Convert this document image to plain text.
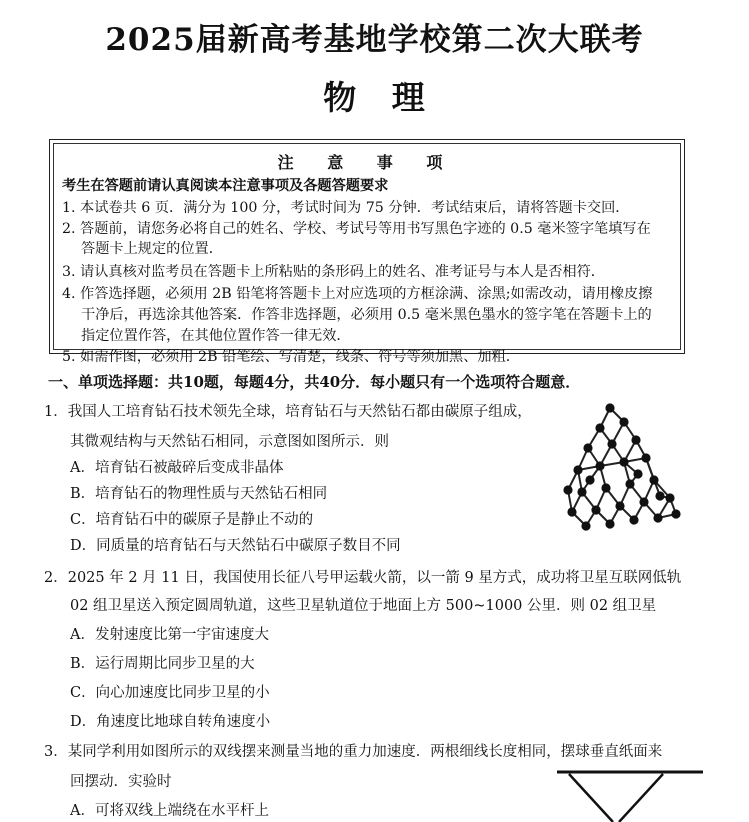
2025届新高考基地学校第二次大联考
物 理
注 意 事 项
考生在答题前请认真阅读本注意事项及各题答题要求
1. 本试卷共 6 页．满分为 100 分，考试时间为 75 分钟．考试结束后，请将答题卡交回．
2. 答题前，请您务必将自己的姓名、学校、考试号等用书写黑色字迹的 0.5 毫米签字笔填写在
答题卡上规定的位置．
3. 请认真核对监考员在答题卡上所粘贴的条形码上的姓名、准考证号与本人是否相符．
4. 作答选择题，必须用 2B 铅笔将答题卡上对应选项的方框涂满、涂黑;如需改动，请用橡皮擦
干净后，再选涂其他答案．作答非选择题，必须用 0.5 毫米黑色墨水的签字笔在答题卡上的
指定位置作答，在其他位置作答一律无效．
5. 如需作图，必须用 2B 铅笔绘、写清楚，线条、符号等须加黑、加粗．
一、单项选择题：共10题，每题4分，共40分．每小题只有一个选项符合题意．
1．我国人工培育钻石技术领先全球，培育钻石与天然钻石都由碳原子组成，
其微观结构与天然钻石相同，示意图如图所示．则
A．培育钻石被敲碎后变成非晶体
B．培育钻石的物理性质与天然钻石相同
C．培育钻石中的碳原子是静止不动的
D．同质量的培育钻石与天然钻石中碳原子数目不同
2．2025 年 2 月 11 日，我国使用长征八号甲运载火箭，以一箭 9 星方式，成功将卫星互联网低轨
02 组卫星送入预定圆周轨道，这些卫星轨道位于地面上方 500~1000 公里．则 02 组卫星
A．发射速度比第一宇宙速度大
B．运行周期比同步卫星的大
C．向心加速度比同步卫星的小
D．角速度比地球自转角速度小
3．某同学利用如图所示的双线摆来测量当地的重力加速度．两根细线长度相同，摆球垂直纸面来
回摆动．实验时
A．可将双线上端绕在水平杆上
